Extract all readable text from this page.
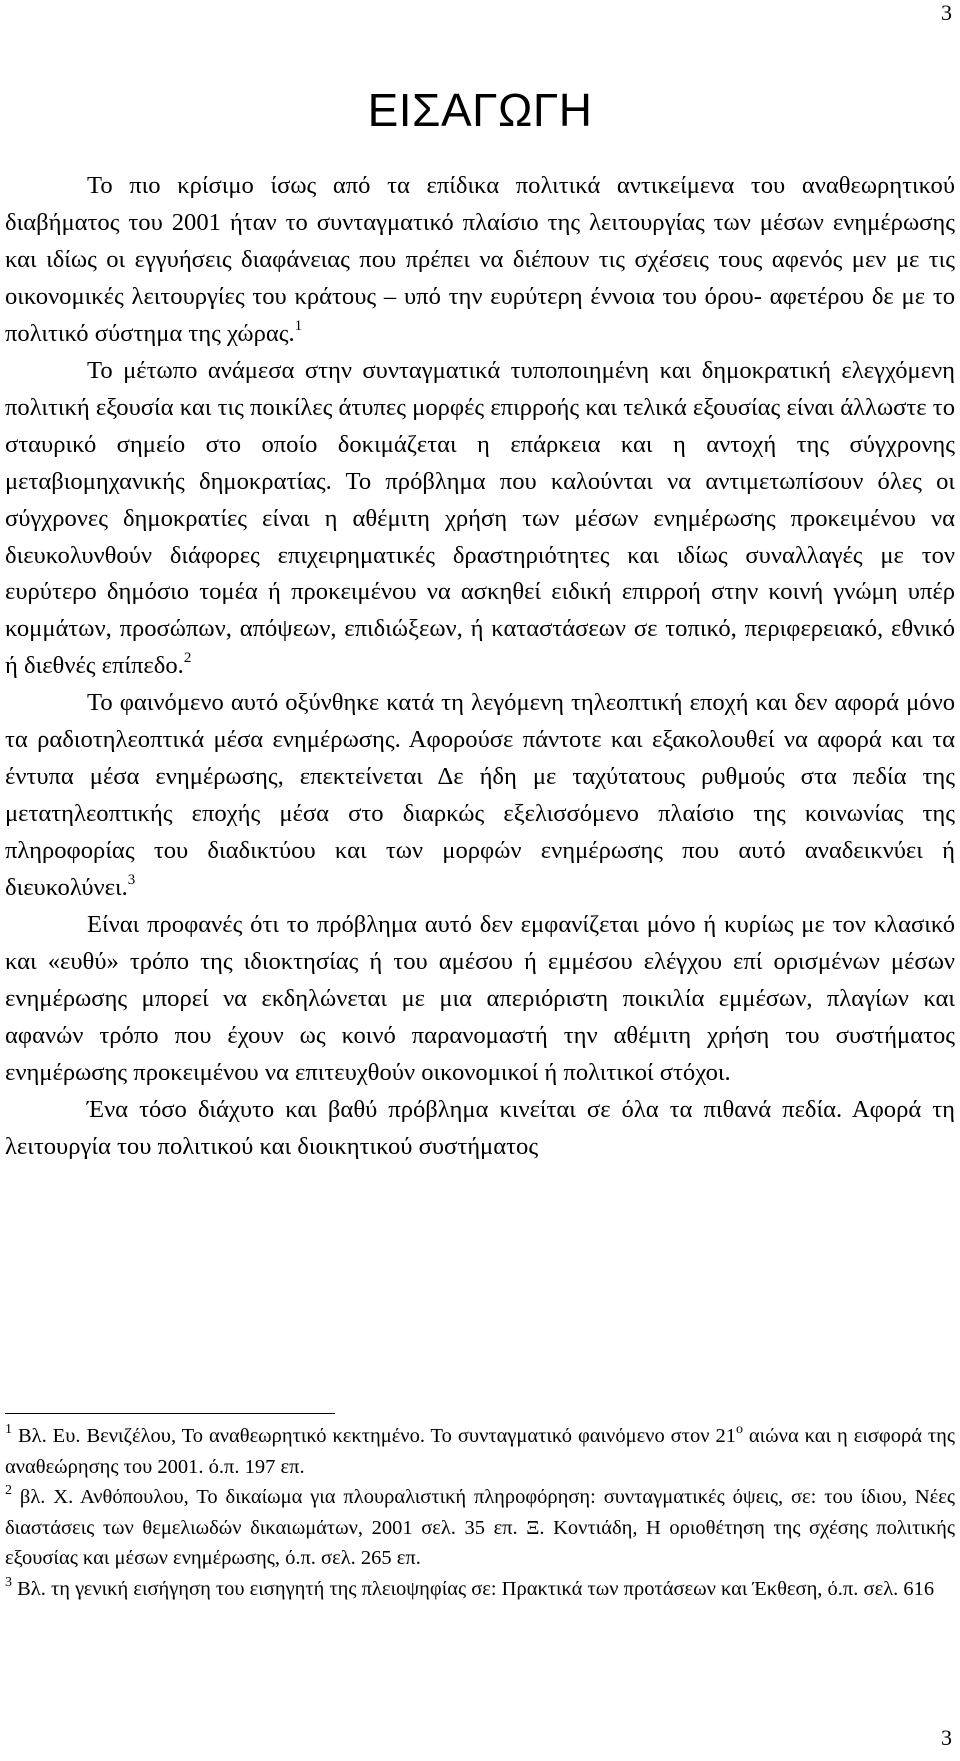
3
ΕΙΣΑΓΩΓΗ

Το πιο κρίσιμο ίσως από τα επίδικα πολιτικά αντικείμενα του αναθεωρητικού διαβήματος του 2001 ήταν το συνταγματικό πλαίσιο της λειτουργίας των μέσων ενημέρωσης και ιδίως οι εγγυήσεις διαφάνειας που πρέπει να διέπουν τις σχέσεις τους αφενός μεν με τις οικονομικές λειτουργίες του κράτους – υπό την ευρύτερη έννοια του όρου- αφετέρου δε με το πολιτικό σύστημα της χώρας.$^1$

Το μέτωπο ανάμεσα στην συνταγματικά τυποποιημένη και δημοκρατική ελεγχόμενη πολιτική εξουσία και τις ποικίλες άτυπες μορφές επιρροής και τελικά εξουσίας είναι άλλωστε το σταυρικό σημείο στο οποίο δοκιμάζεται η επάρκεια και η αντοχή της σύγχρονης μεταβιομηχανικής δημοκρατίας. Το πρόβλημα που καλούνται να αντιμετωπίσουν όλες οι σύγχρονες δημοκρατίες είναι η αθέμιτη χρήση των μέσων ενημέρωσης προκειμένου να διευκολυνθούν διάφορες επιχειρηματικές δραστηριότητες και ιδίως συναλλαγές με τον ευρύτερο δημόσιο τομέα ή προκειμένου να ασκηθεί ειδική επιρροή στην κοινή γνώμη υπέρ κομμάτων, προσώπων, απόψεων, επιδιώξεων, ή καταστάσεων σε τοπικό, περιφερειακό, εθνικό ή διεθνές επίπεδο.$^2$

Το φαινόμενο αυτό οξύνθηκε κατά τη λεγόμενη τηλεοπτική εποχή και δεν αφορά μόνο τα ραδιοτηλεοπτικά μέσα ενημέρωσης. Αφορούσε πάντοτε και εξακολουθεί να αφορά και τα έντυπα μέσα ενημέρωσης, επεκτείνεται Δε ήδη με ταχύτατους ρυθμούς στα πεδία της μετατηλεοπτικής εποχής μέσα στο διαρκώς εξελισσόμενο πλαίσιο της κοινωνίας της πληροφορίας του διαδικτύου και των μορφών ενημέρωσης που αυτό αναδεικνύει ή διευκολύνει.$^3$

Είναι προφανές ότι το πρόβλημα αυτό δεν εμφανίζεται μόνο ή κυρίως με τον κλασικό και «ευθύ» τρόπο της ιδιοκτησίας ή του αμέσου ή εμμέσου ελέγχου επί ορισμένων μέσων ενημέρωσης μπορεί να εκδηλώνεται με μια απεριόριστη ποικιλία εμμέσων, πλαγίων και αφανών τρόπο που έχουν ως κοινό παρανομαστή την αθέμιτη χρήση του συστήματος ενημέρωσης προκειμένου να επιτευχθούν οικονομικοί ή πολιτικοί στόχοι.

Ένα τόσο διάχυτο και βαθύ πρόβλημα κινείται σε όλα τα πιθανά πεδία. Αφορά τη λειτουργία του πολιτικού και διοικητικού συστήματος

$^1$ Βλ. Ευ. Βενιζέλου, Το αναθεωρητικό κεκτημένο. Το συνταγματικό φαινόμενο στον $21^o$ αιώνα και η εισφορά της αναθεώρησης του 2001. ό.π. 197 επ.

$^2$ βλ. Χ. Ανθόπουλου, Το δικαίωμα για πλουραλιστική πληροφόρηση: συνταγματικές όψεις, σε: του ίδιου, Νέες διαστάσεις των θεμελιωδών δικαιωμάτων, 2001 σελ. 35 επ. Ξ. Κοντιάδη, Η οριοθέτηση της σχέσης πολιτικής εξουσίας και μέσων ενημέρωσης, ό.π. σελ. 265 επ.

$^3$ Βλ. τη γενική εισήγηση του εισηγητή της πλειοψηφίας σε: Πρακτικά των προτάσεων και Έκθεση, ό.π. σελ. 616

3
